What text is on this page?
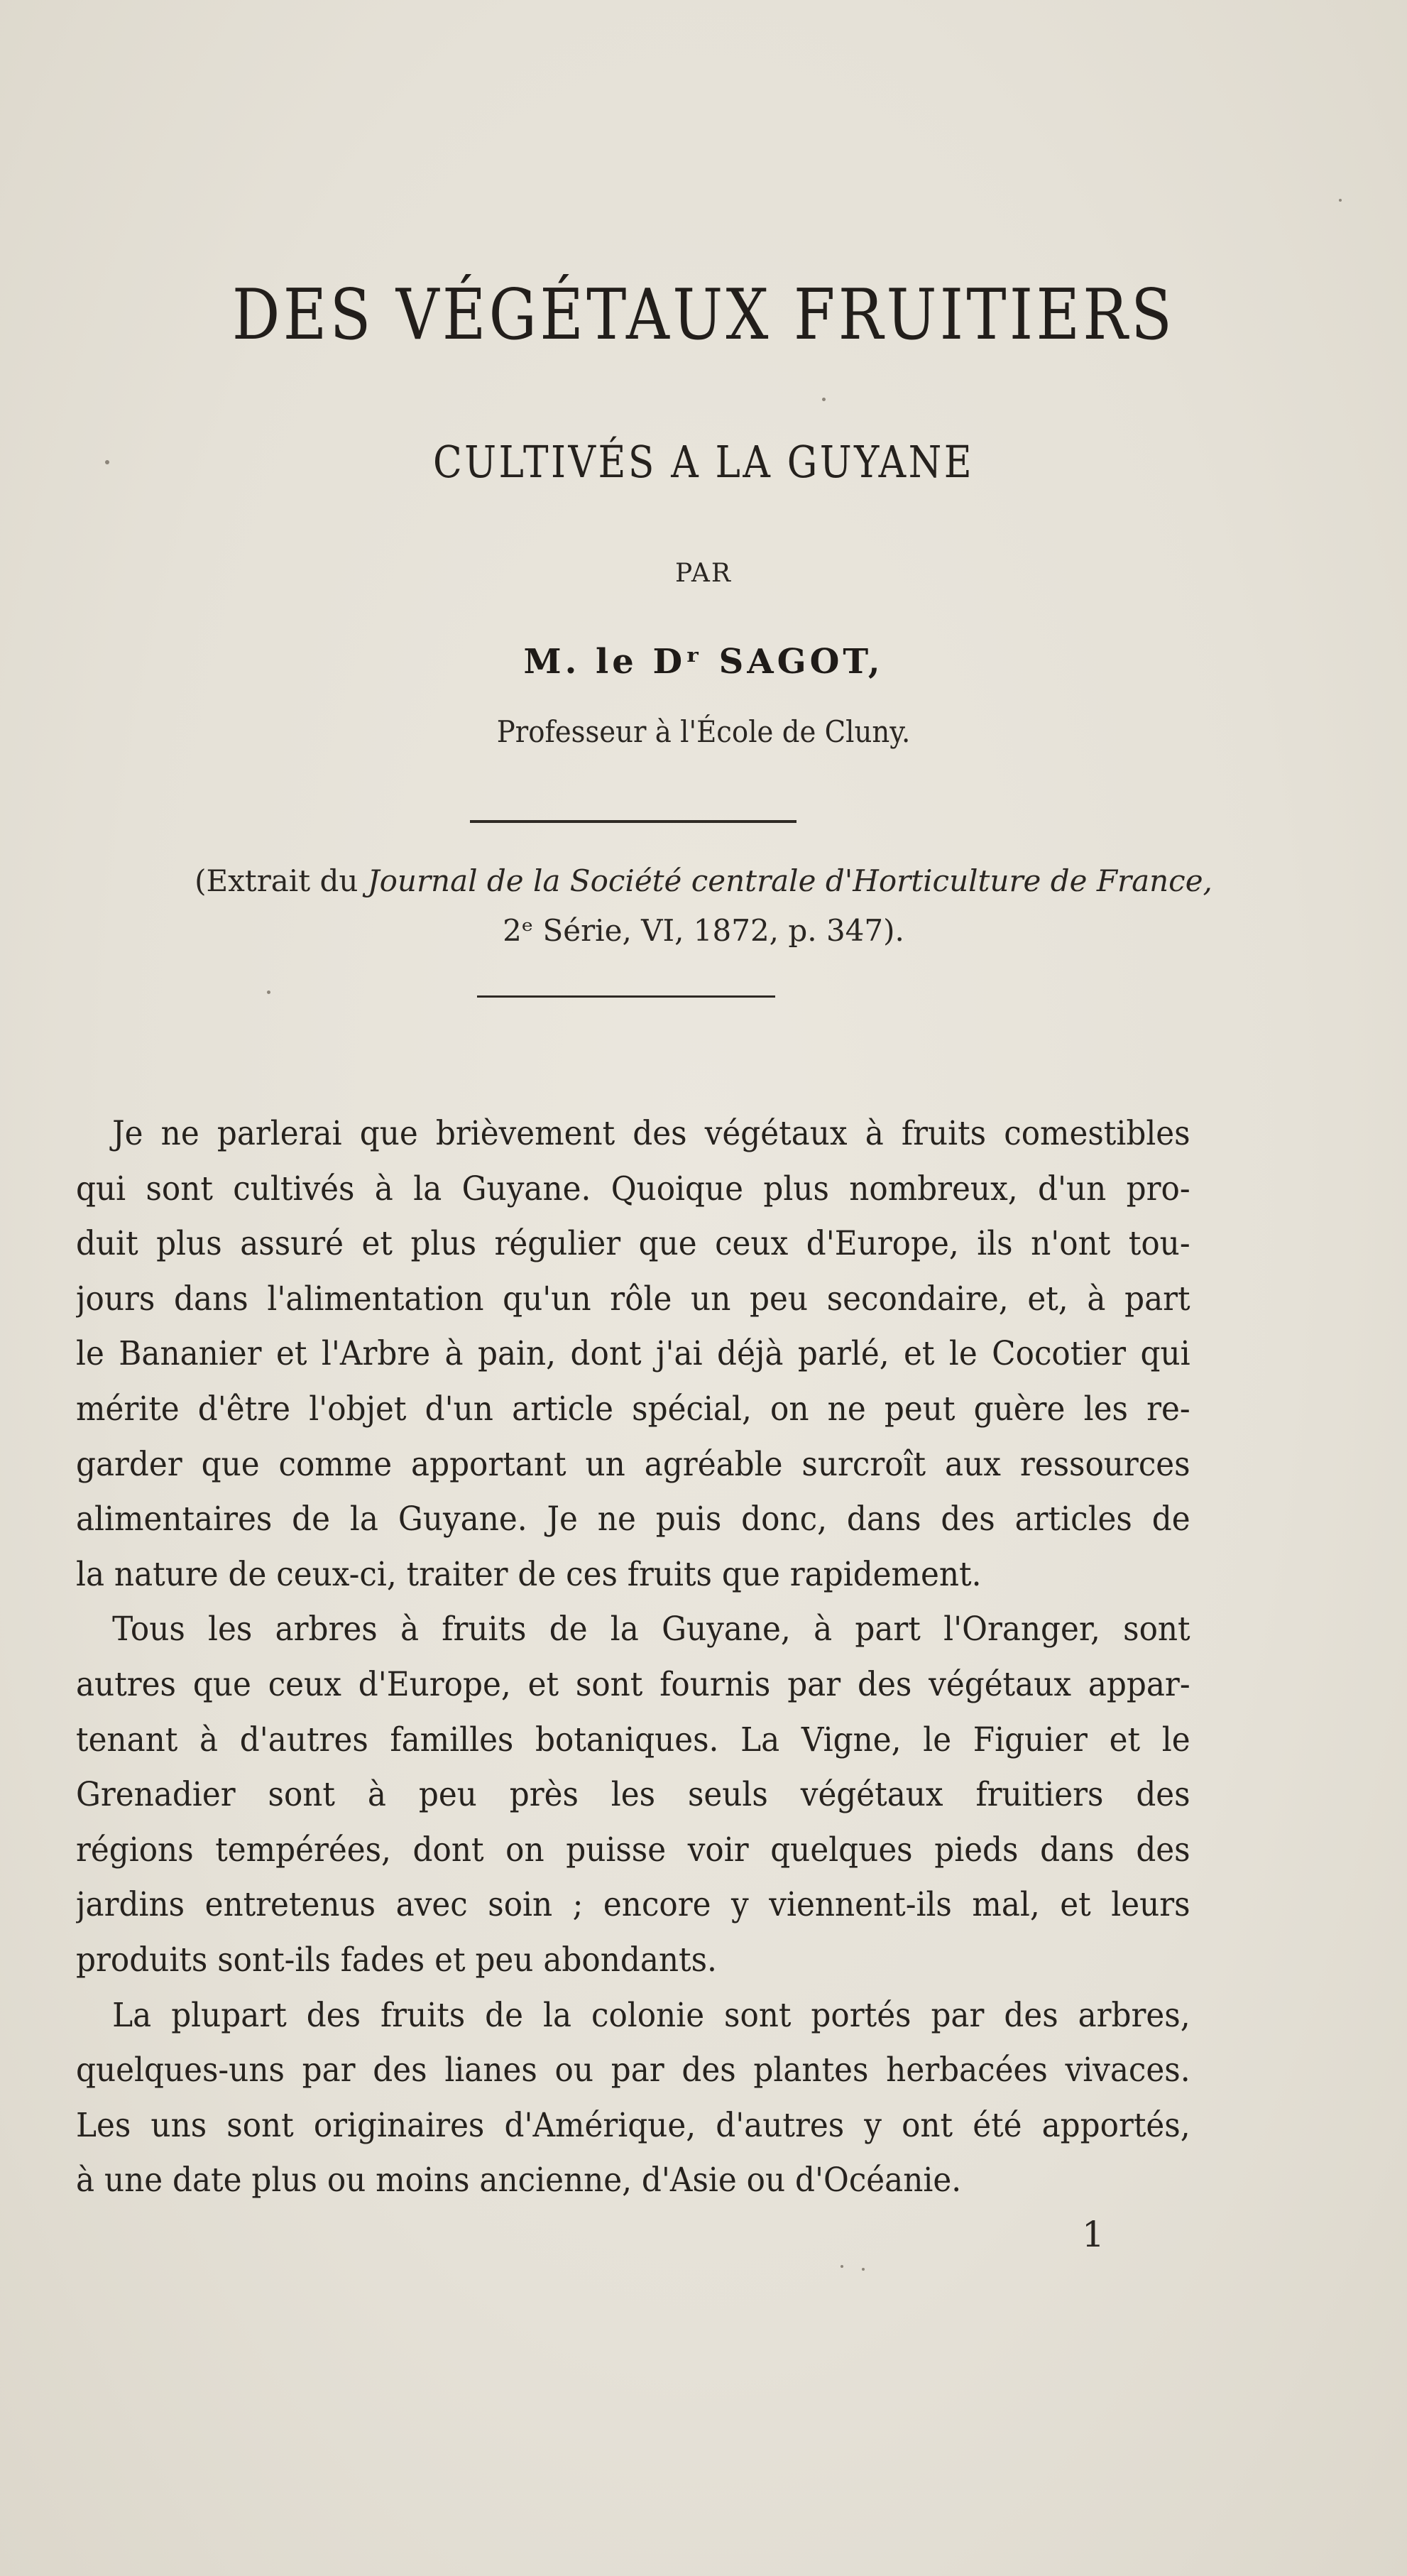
DES VÉGÉTAUX FRUITIERS
CULTIVÉS A LA GUYANE
PAR
M. le Dʳ SAGOT,
Professeur à l'École de Cluny.
(Extrait du Journal de la Société centrale d'Horticulture de France,
2ᵉ Série, VI, 1872, p. 347).
Je ne parlerai que brièvement des végétaux à fruits comestibles
qui sont cultivés à la Guyane. Quoique plus nombreux, d'un pro-
duit plus assuré et plus régulier que ceux d'Europe, ils n'ont tou-
jours dans l'alimentation qu'un rôle un peu secondaire, et, à part
le Bananier et l'Arbre à pain, dont j'ai déjà parlé, et le Cocotier qui
mérite d'être l'objet d'un article spécial, on ne peut guère les re-
garder que comme apportant un agréable surcroît aux ressources
alimentaires de la Guyane. Je ne puis donc, dans des articles de
la nature de ceux-ci, traiter de ces fruits que rapidement.
Tous les arbres à fruits de la Guyane, à part l'Oranger, sont
autres que ceux d'Europe, et sont fournis par des végétaux appar-
tenant à d'autres familles botaniques. La Vigne, le Figuier et le
Grenadier sont à peu près les seuls végétaux fruitiers des
régions tempérées, dont on puisse voir quelques pieds dans des
jardins entretenus avec soin ; encore y viennent-ils mal, et leurs
produits sont-ils fades et peu abondants.
La plupart des fruits de la colonie sont portés par des arbres,
quelques-uns par des lianes ou par des plantes herbacées vivaces.
Les uns sont originaires d'Amérique, d'autres y ont été apportés,
à une date plus ou moins ancienne, d'Asie ou d'Océanie.
1
